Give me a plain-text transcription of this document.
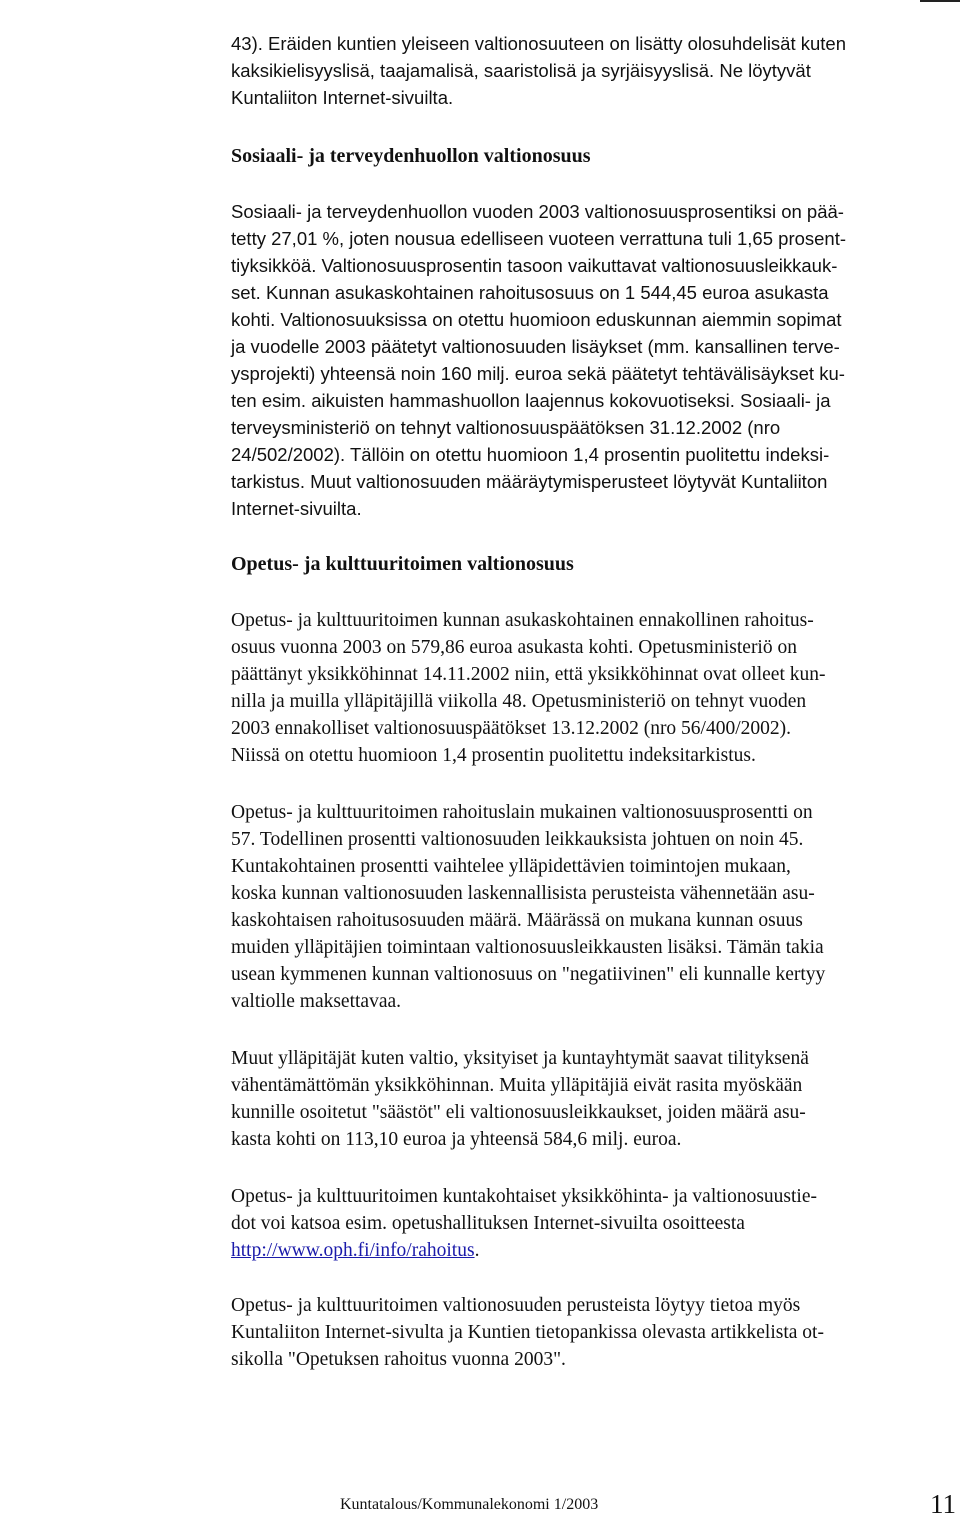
43). Eräiden kuntien yleiseen valtionosuuteen on lisätty olosuhdelisät kuten
kaksikielisyyslisä, taajamalisä, saaristolisä ja syrjäisyyslisä. Ne löytyvät
Kuntaliiton Internet-sivuilta.
Sosiaali- ja terveydenhuollon valtionosuus
Sosiaali- ja terveydenhuollon vuoden 2003 valtionosuusprosentiksi on pää-
tetty 27,01 %, joten nousua edelliseen vuoteen verrattuna tuli 1,65 prosent-
tiyksikköä. Valtionosuusprosentin tasoon vaikuttavat valtionosuusleikkauk-
set. Kunnan asukaskohtainen rahoitusosuus on 1 544,45 euroa asukasta
kohti. Valtionosuuksissa on otettu huomioon eduskunnan aiemmin sopimat
ja vuodelle 2003 päätetyt valtionosuuden lisäykset (mm. kansallinen terve-
ysprojekti) yhteensä noin 160 milj. euroa sekä päätetyt tehtävälisäykset ku-
ten esim. aikuisten hammashuollon laajennus kokovuotiseksi. Sosiaali- ja
terveysministeriö on tehnyt valtionosuuspäätöksen 31.12.2002 (nro
24/502/2002). Tällöin on otettu huomioon 1,4 prosentin puolitettu indeksi-
tarkistus. Muut valtionosuuden määräytymisperusteet löytyvät Kuntaliiton
Internet-sivuilta.
Opetus- ja kulttuuritoimen valtionosuus
Opetus- ja kulttuuritoimen kunnan asukaskohtainen ennakollinen rahoitus-
osuus vuonna 2003 on 579,86 euroa asukasta kohti. Opetusministeriö on
päättänyt yksikköhinnat 14.11.2002 niin, että yksikköhinnat ovat olleet kun-
nilla ja muilla ylläpitäjillä viikolla 48. Opetusministeriö on tehnyt vuoden
2003 ennakolliset valtionosuuspäätökset 13.12.2002 (nro 56/400/2002).
Niissä on otettu huomioon 1,4 prosentin puolitettu indeksitarkistus.
Opetus- ja kulttuuritoimen rahoituslain mukainen valtionosuusprosentti on
57. Todellinen prosentti valtionosuuden leikkauksista johtuen on noin 45.
Kuntakohtainen prosentti vaihtelee ylläpidettävien toimintojen mukaan,
koska kunnan valtionosuuden laskennallisista perusteista vähennetään asu-
kaskohtaisen rahoitusosuuden määrä. Määrässä on mukana kunnan osuus
muiden ylläpitäjien toimintaan valtionosuusleikkausten lisäksi. Tämän takia
usean kymmenen kunnan valtionosuus on "negatiivinen" eli kunnalle kertyy
valtiolle maksettavaa.
Muut ylläpitäjät kuten valtio, yksityiset ja kuntayhtymät saavat tilityksenä
vähentämättömän yksikköhinnan. Muita ylläpitäjiä eivät rasita myöskään
kunnille osoitetut "säästöt" eli valtionosuusleikkaukset, joiden määrä asu-
kasta kohti on 113,10 euroa ja yhteensä 584,6 milj. euroa.
Opetus- ja kulttuuritoimen kuntakohtaiset yksikköhinta- ja valtionosuustie-
dot voi katsoa esim. opetushallituksen Internet-sivuilta osoitteesta
http://www.oph.fi/info/rahoitus.
Opetus- ja kulttuuritoimen valtionosuuden perusteista löytyy tietoa myös
Kuntaliiton Internet-sivulta ja Kuntien tietopankissa olevasta artikkelista ot-
sikolla "Opetuksen rahoitus vuonna 2003".
Kuntatalous/Kommunalekonomi 1/2003	11
